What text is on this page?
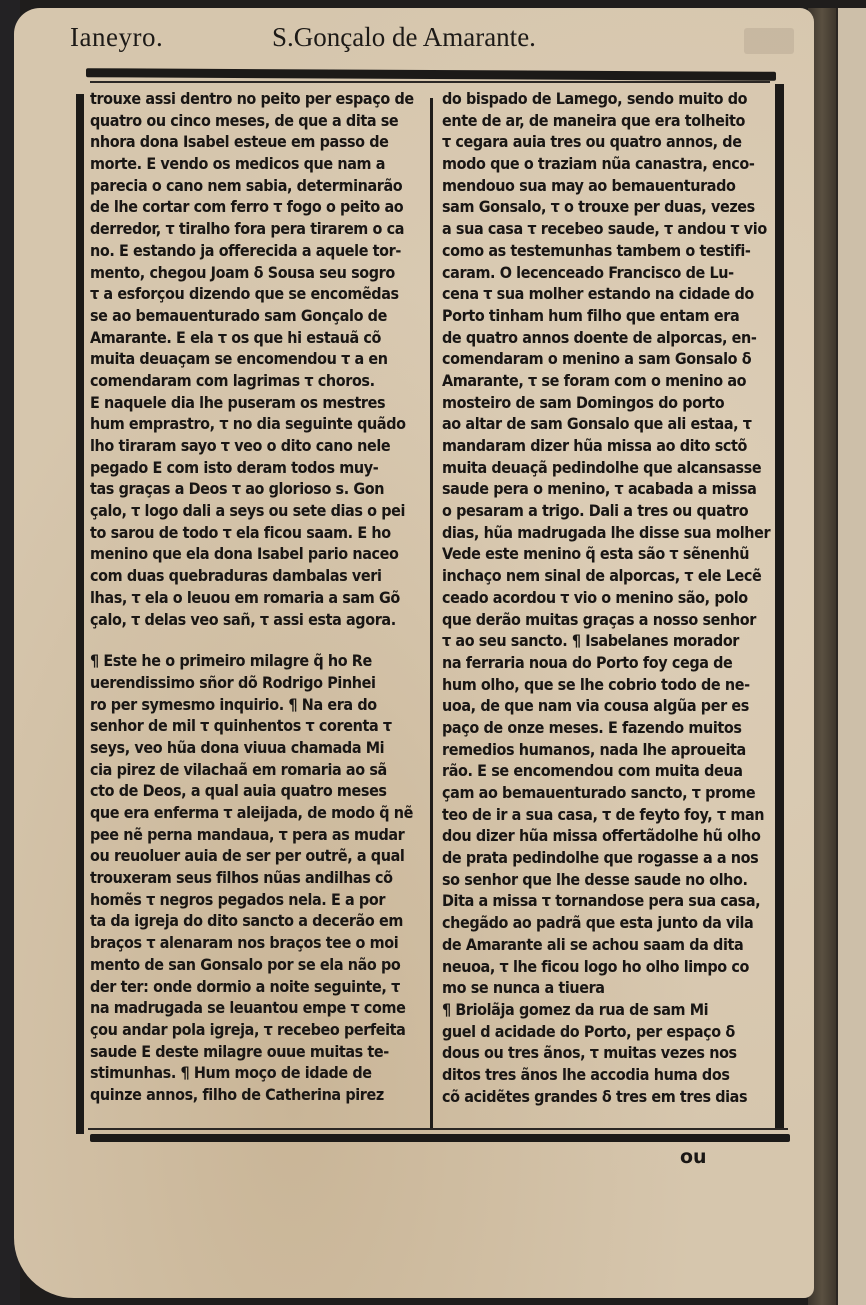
Ianeyro.	S.Gonçalo de Amarante.
trouxe assi dentro no peito per espaço de
quatro ou cinco meses, de que a dita se
nhora dona Isabel esteue em passo de
morte. E vendo os medicos que nam a
parecia o cano nem sabia, determinarão
de lhe cortar com ferro τ fogo o peito ao
derredor, τ tiralho fora pera tirarem o ca
no. E estando ja offerecida a aquele tor-
mento, chegou Joam δ Sousa seu sogro
τ a esforçou dizendo que se encomẽdas
se ao bemauenturado sam Gonçalo de
Amarante. E ela τ os que hi estauã cõ
muita deuaçam se encomendou τ a en
comendaram com lagrimas τ choros.
E naquele dia lhe puseram os mestres
hum emprastro, τ no dia seguinte quãdo
lho tiraram sayo τ veo o dito cano nele
pegado E com isto deram todos muy-
tas graças a Deos τ ao glorioso s. Gon
çalo, τ logo dali a seys ou sete dias o pei
to sarou de todo τ ela ficou saam. E ho
menino que ela dona Isabel pario naceo
com duas quebraduras dambalas veri
lhas, τ ela o leuou em romaria a sam Gõ
çalo, τ delas veo sañ, τ assi esta agora.
¶ Este he o primeiro milagre q̃ ho Re
uerendissimo sñor dõ Rodrigo Pinhei
ro per symesmo inquirio. ¶ Na era do
senhor de mil τ quinhentos τ corenta τ
seys, veo hũa dona viuua chamada Mi
cia pirez de vilachaã em romaria ao sã
cto de Deos, a qual auia quatro meses
que era enferma τ aleijada, de modo q̃ nẽ
pee nẽ perna mandaua, τ pera as mudar
ou reuoluer auia de ser per outrẽ, a qual
trouxeram seus filhos nũas andilhas cõ
homẽs τ negros pegados nela. E a por
ta da igreja do dito sancto a decerão em
braços τ alenaram nos braços tee o moi
mento de san Gonsalo por se ela não po
der ter: onde dormio a noite seguinte, τ
na madrugada se leuantou empe τ come
çou andar pola igreja, τ recebeo perfeita
saude E deste milagre ouue muitas te-
stimunhas. ¶ Hum moço de idade de
quinze annos, filho de Catherina pirez
do bispado de Lamego, sendo muito do
ente de ar, de maneira que era tolheito
τ cegara auia tres ou quatro annos, de
modo que o traziam nũa canastra, enco-
mendouo sua may ao bemauenturado
sam Gonsalo, τ o trouxe per duas, vezes
a sua casa τ recebeo saude, τ andou τ vio
como as testemunhas tambem o testifi-
caram. O lecenceado Francisco de Lu-
cena τ sua molher estando na cidade do
Porto tinham hum filho que entam era
de quatro annos doente de alporcas, en-
comendaram o menino a sam Gonsalo δ
Amarante, τ se foram com o menino ao
mosteiro de sam Domingos do porto
ao altar de sam Gonsalo que ali estaa, τ
mandaram dizer hũa missa ao dito sctõ
muita deuaçã pedindolhe que alcansasse
saude pera o menino, τ acabada a missa
o pesaram a trigo. Dali a tres ou quatro
dias, hũa madrugada lhe disse sua molher
Vede este menino q̃ esta são τ sẽnenhũ
inchaço nem sinal de alporcas, τ ele Lecẽ
ceado acordou τ vio o menino são, polo
que derão muitas graças a nosso senhor
τ ao seu sancto. ¶ Isabelanes morador
na ferraria noua do Porto foy cega de
hum olho, que se lhe cobrio todo de ne-
uoa, de que nam via cousa algũa per es
paço de onze meses. E fazendo muitos
remedios humanos, nada lhe aproueita
rão. E se encomendou com muita deua
çam ao bemauenturado sancto, τ prome
teo de ir a sua casa, τ de feyto foy, τ man
dou dizer hũa missa offertãdolhe hũ olho
de prata pedindolhe que rogasse a a nos
so senhor que lhe desse saude no olho.
Dita a missa τ tornandose pera sua casa,
chegãdo ao padrã que esta junto da vila
de Amarante ali se achou saam da dita
neuoa, τ lhe ficou logo ho olho limpo co
mo se nunca a tiuera
¶ Briolãja gomez da rua de sam Mi
guel d acidade do Porto, per espaço δ
dous ou tres ãnos, τ muitas vezes nos
ditos tres ãnos lhe accodia huma dos
cõ acidẽtes grandes δ tres em tres dias
ou
